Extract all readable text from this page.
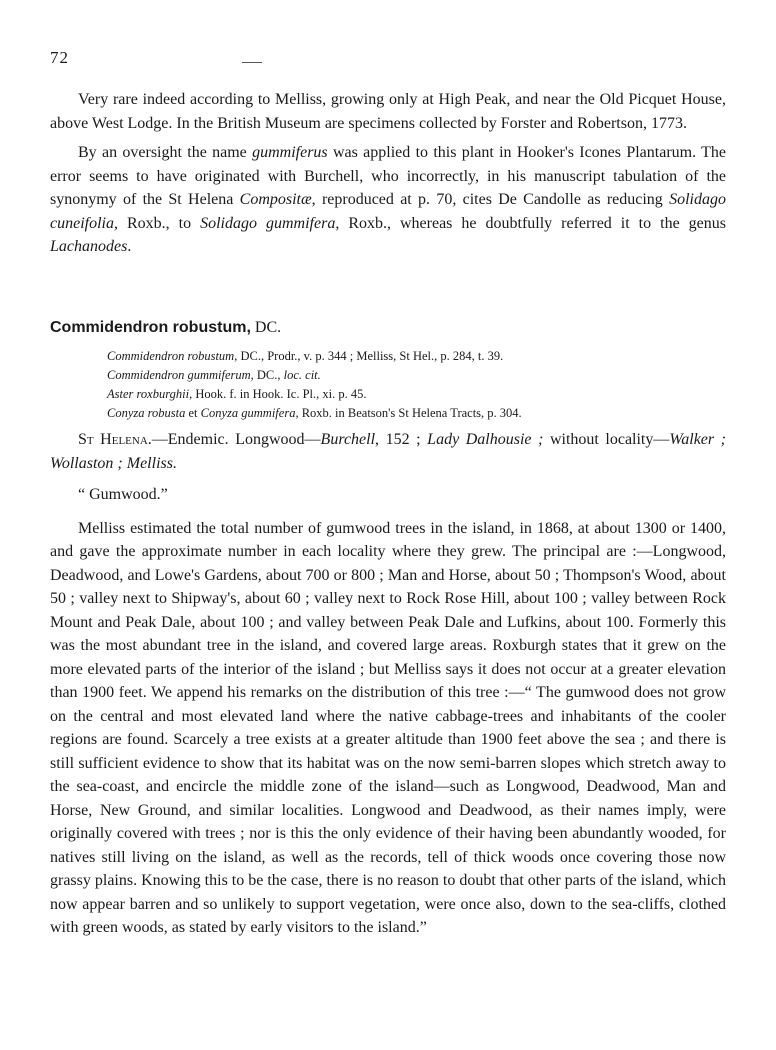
72

Very rare indeed according to Melliss, growing only at High Peak, and near the Old Picquet House, above West Lodge. In the British Museum are specimens collected by Forster and Robertson, 1773.

By an oversight the name gummiferus was applied to this plant in Hooker's Icones Plantarum. The error seems to have originated with Burchell, who incorrectly, in his manuscript tabulation of the synonymy of the St Helena Compositæ, reproduced at p. 70, cites De Candolle as reducing Solidago cuneifolia, Roxb., to Solidago gummifera, Roxb., whereas he doubtfully referred it to the genus Lachanodes.

Commidendron robustum, DC.
Commidendron robustum, DC., Prodr., v. p. 344 ; Melliss, St Hel., p. 284, t. 39.
Commidendron gummiferum, DC., loc. cit.
Aster roxburghii, Hook. f. in Hook. Ic. Pl., xi. p. 45.
Conyza robusta et Conyza gummifera, Roxb. in Beatson's St Helena Tracts, p. 304.

St Helena.—Endemic. Longwood—Burchell, 152 ; Lady Dalhousie ; without locality—Walker ; Wollaston ; Melliss.

“ Gumwood.”

Melliss estimated the total number of gumwood trees in the island, in 1868, at about 1300 or 1400, and gave the approximate number in each locality where they grew. The principal are :—Longwood, Deadwood, and Lowe's Gardens, about 700 or 800 ; Man and Horse, about 50 ; Thompson's Wood, about 50 ; valley next to Shipway's, about 60 ; valley next to Rock Rose Hill, about 100 ; valley between Rock Mount and Peak Dale, about 100 ; and valley between Peak Dale and Lufkins, about 100. Formerly this was the most abundant tree in the island, and covered large areas. Roxburgh states that it grew on the more elevated parts of the interior of the island ; but Melliss says it does not occur at a greater elevation than 1900 feet. We append his remarks on the distribution of this tree :—“ The gumwood does not grow on the central and most elevated land where the native cabbage-trees and inhabitants of the cooler regions are found. Scarcely a tree exists at a greater altitude than 1900 feet above the sea ; and there is still sufficient evidence to show that its habitat was on the now semi-barren slopes which stretch away to the sea-coast, and encircle the middle zone of the island—such as Longwood, Deadwood, Man and Horse, New Ground, and similar localities. Longwood and Deadwood, as their names imply, were originally covered with trees ; nor is this the only evidence of their having been abundantly wooded, for natives still living on the island, as well as the records, tell of thick woods once covering those now grassy plains. Knowing this to be the case, there is no reason to doubt that other parts of the island, which now appear barren and so unlikely to support vegetation, were once also, down to the sea-cliffs, clothed with green woods, as stated by early visitors to the island.”
